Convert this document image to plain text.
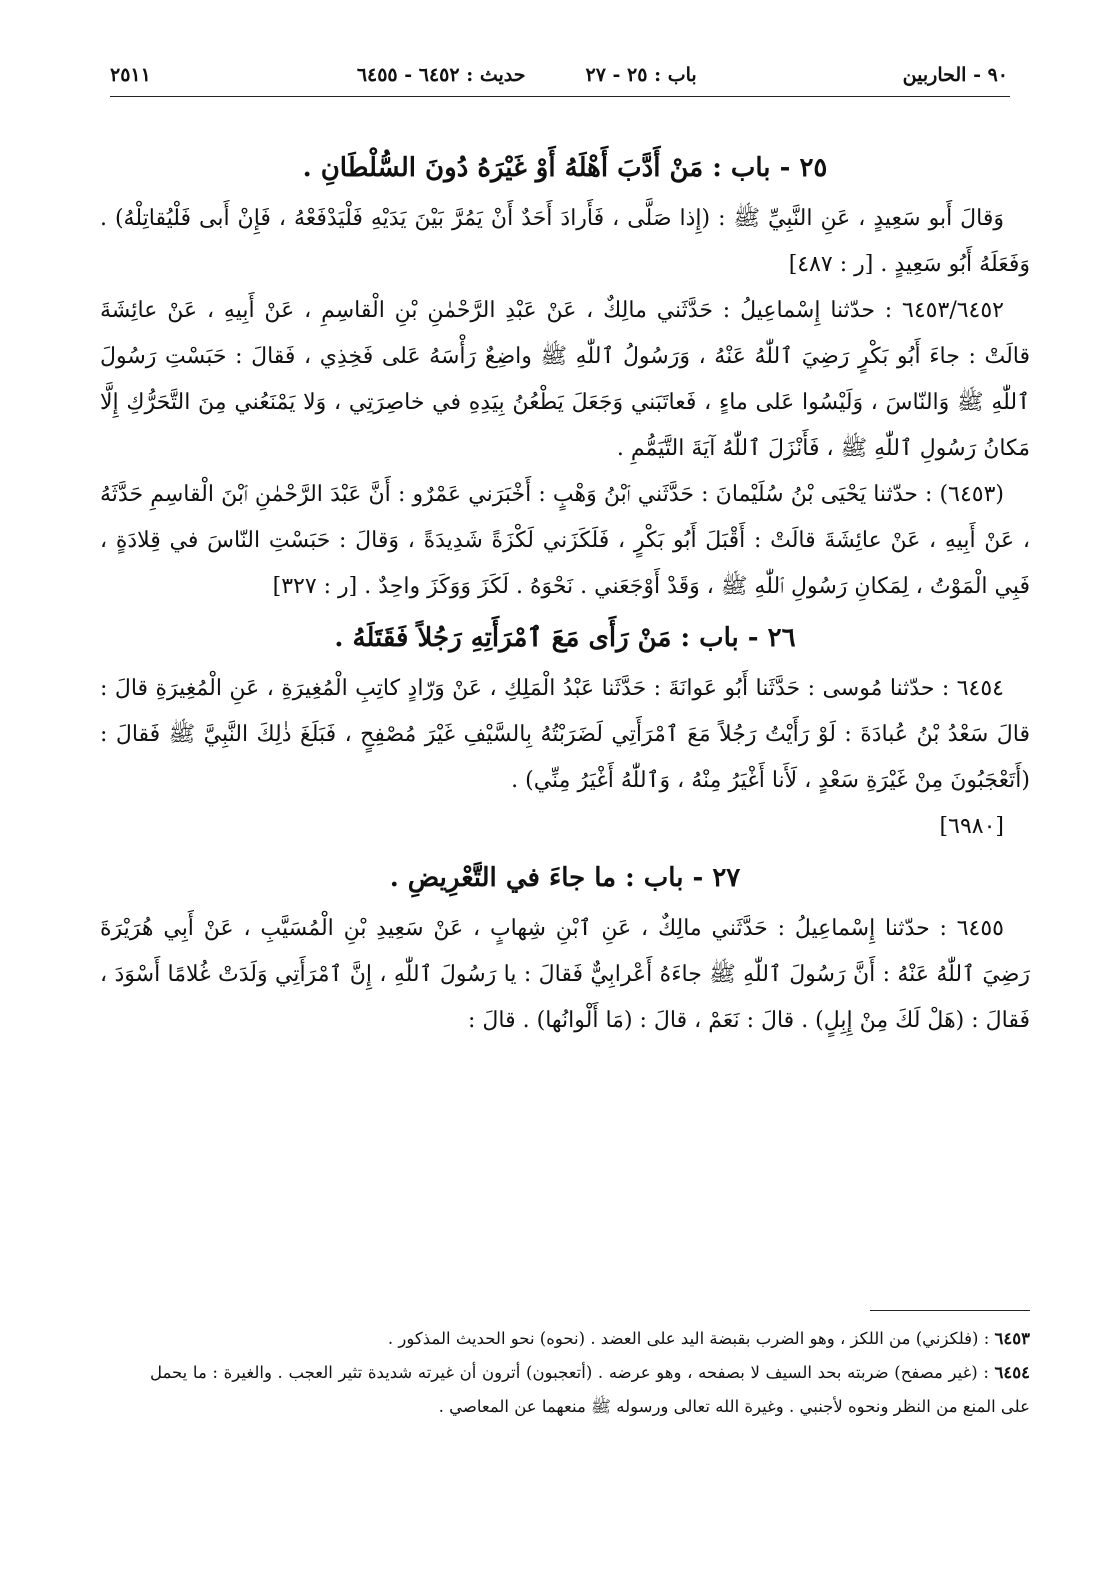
٩٠ - الحاربين
باب : ٢٥ - ٢٧
حديث : ٦٤٥٢ - ٦٤٥٥
٢٥١١
٢٥ - باب : مَنْ أَدَّبَ أَهْلَهُ أَوْ غَيْرَهُ دُونَ السُّلْطَانِ .

وَقالَ أَبو سَعِيدٍ ، عَنِ النَّبِيِّ ﷺ : (إِذا صَلَّى ، فَأَرادَ أَحَدٌ أَنْ يَمُرَّ بَيْنَ يَدَيْهِ فَلْيَدْفَعْهُ ، فَإِنْ أَبى فَلْيُقاتِلْهُ) . وَفَعَلَهُ أَبُو سَعِيدٍ . [ر : ٤٨٧]

٦٤٥٣/٦٤٥٢ : حدّثنا إِسْماعِيلُ : حَدَّثَني مالِكٌ ، عَنْ عَبْدِ الرَّحْمٰنِ بْنِ الْقاسِمِ ، عَنْ أَبِيهِ ، عَنْ عائِشَةَ قالَتْ : جاءَ أَبُو بَكْرٍ رَضِيَ ٱللّٰهُ عَنْهُ ، وَرَسُولُ ٱللّٰهِ ﷺ واضِعٌ رَأْسَهُ عَلى فَخِذِي ، فَقالَ : حَبَسْتِ رَسُولَ ٱللّٰهِ ﷺ وَالنّاسَ ، وَلَيْسُوا عَلى ماءٍ ، فَعاتَبَني وَجَعَلَ يَطْعُنُ بِيَدِهِ في خاصِرَتِي ، وَلا يَمْنَعُني مِنَ التَّحَرُّكِ إِلَّا مَكانُ رَسُولِ ٱللّٰهِ ﷺ ، فَأَنْزَلَ ٱللّٰهُ آيَةَ التَّيَمُّمِ .

(٦٤٥٣) : حدّثنا يَحْيَى بْنُ سُلَيْمانَ : حَدَّثَني ٱبْنُ وَهْبٍ : أَخْبَرَني عَمْرٌو : أَنَّ عَبْدَ الرَّحْمٰنِ ٱبْنَ الْقاسِمِ حَدَّثَهُ ، عَنْ أَبِيهِ ، عَنْ عائِشَةَ قالَتْ : أَقْبَلَ أَبُو بَكْرٍ ، فَلَكَزَني لَكْزَةً شَدِيدَةً ، وَقالَ : حَبَسْتِ النّاسَ في قِلادَةٍ ، فَبِي الْمَوْتُ ، لِمَكانِ رَسُولِ ٱللّٰهِ ﷺ ، وَقَدْ أَوْجَعَني . نَحْوَهُ . لَكَزَ وَوَكَزَ واحِدٌ . [ر : ٣٢٧]

٢٦ - باب : مَنْ رَأَى مَعَ ٱمْرَأَتِهِ رَجُلاً فَقَتَلَهُ .

٦٤٥٤ : حدّثنا مُوسى : حَدَّثَنا أَبُو عَوانَةَ : حَدَّثَنا عَبْدُ الْمَلِكِ ، عَنْ وَرّادٍ كاتِبِ الْمُغِيرَةِ ، عَنِ الْمُغِيرَةِ قالَ : قالَ سَعْدُ بْنُ عُبادَةَ : لَوْ رَأَيْتُ رَجُلاً مَعَ ٱمْرَأَتِي لَضَرَبْتُهُ بِالسَّيْفِ غَيْرَ مُصْفِحٍ ، فَبَلَغَ ذٰلِكَ النَّبِيَّ ﷺ فَقالَ : (أَتَعْجَبُونَ مِنْ غَيْرَةِ سَعْدٍ ، لَأَنا أَغْيَرُ مِنْهُ ، وَٱللّٰهُ أَغْيَرُ مِنِّي) .

[٦٩٨٠]

٢٧ - باب : ما جاءَ في التَّعْرِيضِ .

٦٤٥٥ : حدّثنا إِسْماعِيلُ : حَدَّثَني مالِكٌ ، عَنِ ٱبْنِ شِهابٍ ، عَنْ سَعِيدِ بْنِ الْمُسَيَّبِ ، عَنْ أَبِي هُرَيْرَةَ رَضِيَ ٱللّٰهُ عَنْهُ : أَنَّ رَسُولَ ٱللّٰهِ ﷺ جاءَهُ أَعْرابِيٌّ فَقالَ : يا رَسُولَ ٱللّٰهِ ، إِنَّ ٱمْرَأَتِي وَلَدَتْ غُلامًا أَسْوَدَ ، فَقالَ : (هَلْ لَكَ مِنْ إِبِلٍ) . قالَ : نَعَمْ ، قالَ : (مَا أَلْوانُها) . قالَ :

٦٤٥٣ : (فلكزني) من اللكز ، وهو الضرب بقبضة اليد على العضد . (نحوه) نحو الحديث المذكور .

٦٤٥٤ : (غير مصفح) ضربته بحد السيف لا بصفحه ، وهو عرضه . (أتعجبون) أترون أن غيرته شديدة تثير العجب . والغيرة : ما يحمل على المنع من النظر ونحوه لأجنبي . وغيرة الله تعالى ورسوله ﷺ منعهما عن المعاصي .
